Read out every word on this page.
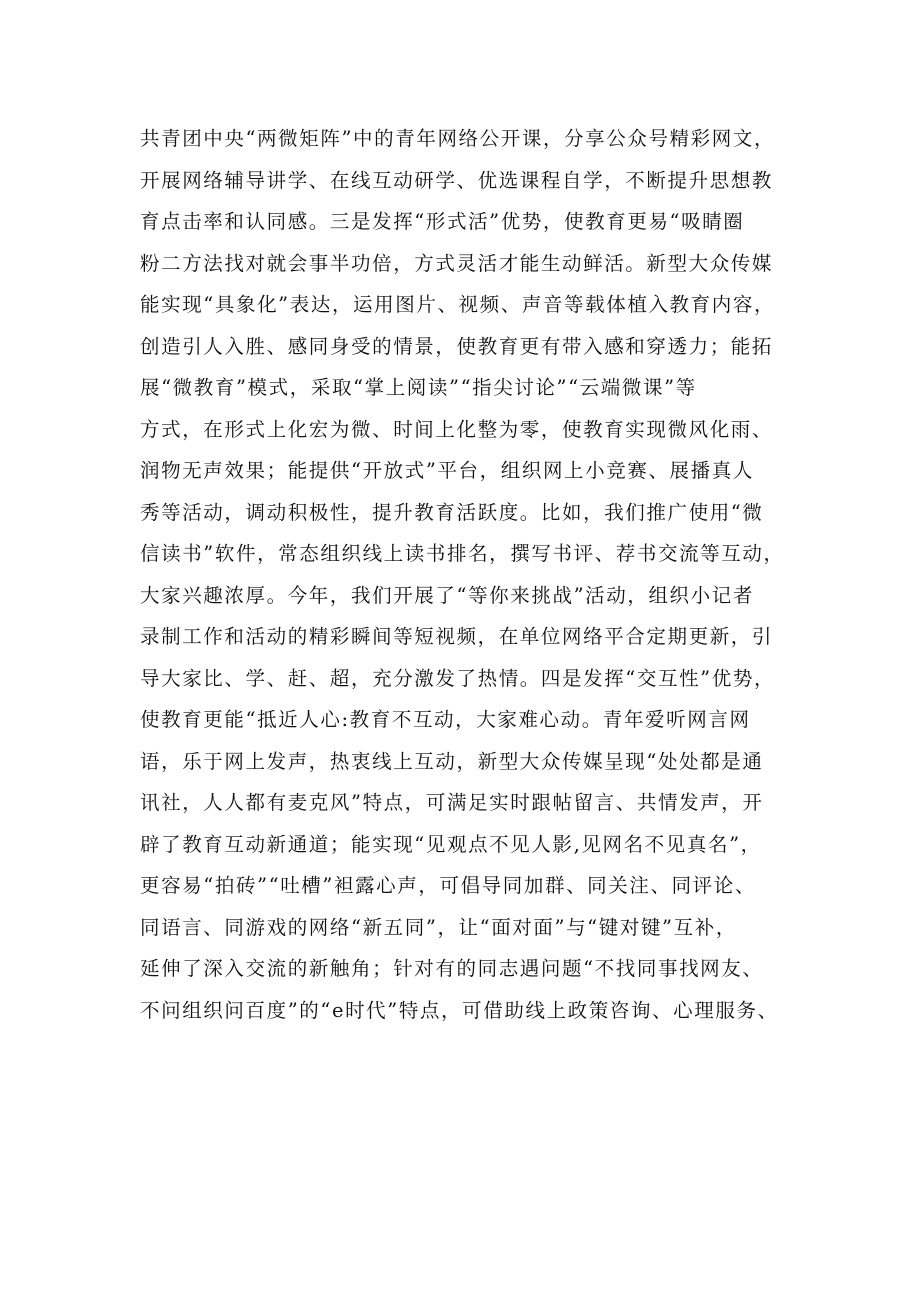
共青团中央“两微矩阵”中的青年网络公开课，分享公众号精彩网文，
开展网络辅导讲学、在线互动研学、优选课程自学，不断提升思想教
育点击率和认同感。三是发挥“形式活”优势，使教育更易“吸睛圈
粉二方法找对就会事半功倍，方式灵活才能生动鲜活。新型大众传媒
能实现“具象化”表达，运用图片、视频、声音等载体植入教育内容，
创造引人入胜、感同身受的情景，使教育更有带入感和穿透力；能拓
展“微教育”模式，采取“掌上阅读”“指尖讨论”“云端微课”等
方式，在形式上化宏为微、时间上化整为零，使教育实现微风化雨、
润物无声效果；能提供“开放式”平台，组织网上小竞赛、展播真人
秀等活动，调动积极性，提升教育活跃度。比如，我们推广使用“微
信读书”软件，常态组织线上读书排名，撰写书评、荐书交流等互动，
大家兴趣浓厚。今年，我们开展了“等你来挑战”活动，组织小记者
录制工作和活动的精彩瞬间等短视频，在单位网络平合定期更新，引
导大家比、学、赶、超，充分激发了热情。四是发挥“交互性”优势，
使教育更能“抵近人心:教育不互动，大家难心动。青年爱听网言网
语，乐于网上发声，热衷线上互动，新型大众传媒呈现“处处都是通
讯社，人人都有麦克风”特点，可满足实时跟帖留言、共情发声，开
辟了教育互动新通道；能实现“见观点不见人影,见网名不见真名”，
更容易“拍砖”“吐槽”袒露心声，可倡导同加群、同关注、同评论、
同语言、同游戏的网络“新五同”，让“面对面”与“键对键”互补，
延伸了深入交流的新触角；针对有的同志遇问题“不找同事找网友、
不问组织问百度”的“e时代”特点，可借助线上政策咨询、心理服务、
